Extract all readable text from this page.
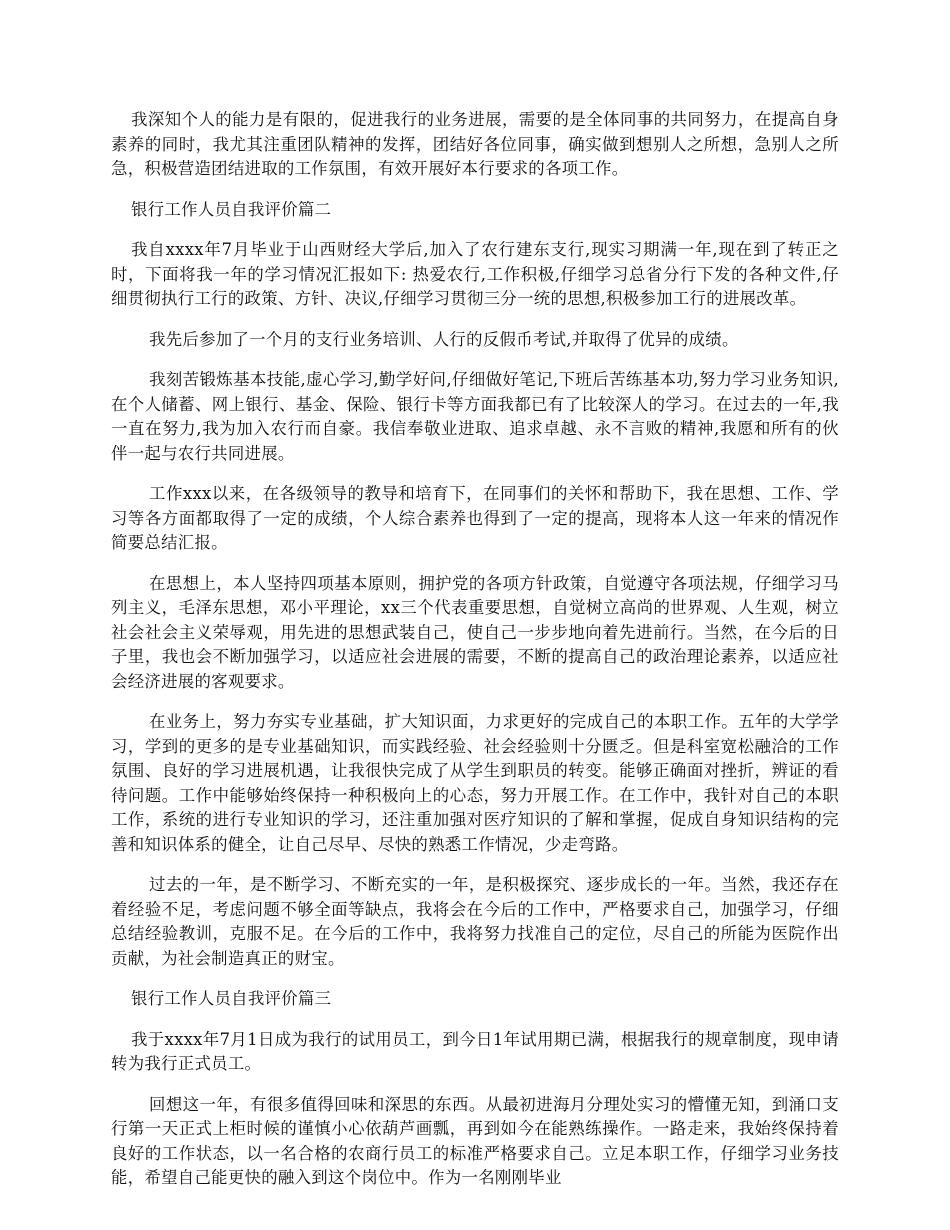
我深知个人的能力是有限的，促进我行的业务进展，需要的是全体同事的共同努力，在提高自身素养的同时，我尤其注重团队精神的发挥，团结好各位同事，确实做到想别人之所想，急别人之所急，积极营造团结进取的工作氛围，有效开展好本行要求的各项工作。

银行工作人员自我评价篇二

我自xxxx年7月毕业于山西财经大学后,加入了农行建东支行,现实习期满一年,现在到了转正之时，下面将我一年的学习情况汇报如下: 热爱农行,工作积极,仔细学习总省分行下发的各种文件,仔细贯彻执行工行的政策、方针、决议,仔细学习贯彻三分一统的思想,积极参加工行的进展改革。

我先后参加了一个月的支行业务培训、人行的反假币考试,并取得了优异的成绩。

我刻苦锻炼基本技能,虚心学习,勤学好问,仔细做好笔记,下班后苦练基本功,努力学习业务知识,在个人储蓄、网上银行、基金、保险、银行卡等方面我都已有了比较深人的学习。在过去的一年,我一直在努力,我为加入农行而自豪。我信奉敬业进取、追求卓越、永不言败的精神,我愿和所有的伙伴一起与农行共同进展。

工作xxx以来，在各级领导的教导和培育下，在同事们的关怀和帮助下，我在思想、工作、学习等各方面都取得了一定的成绩，个人综合素养也得到了一定的提高，现将本人这一年来的情况作简要总结汇报。

在思想上，本人坚持四项基本原则，拥护党的各项方针政策，自觉遵守各项法规，仔细学习马列主义，毛泽东思想，邓小平理论，xx三个代表重要思想，自觉树立高尚的世界观、人生观，树立社会社会主义荣辱观，用先进的思想武装自己，使自己一步步地向着先进前行。当然，在今后的日子里，我也会不断加强学习，以适应社会进展的需要，不断的提高自己的政治理论素养，以适应社会经济进展的客观要求。

在业务上，努力夯实专业基础，扩大知识面，力求更好的完成自己的本职工作。五年的大学学习，学到的更多的是专业基础知识，而实践经验、社会经验则十分匮乏。但是科室宽松融洽的工作氛围、良好的学习进展机遇，让我很快完成了从学生到职员的转变。能够正确面对挫折，辨证的看待问题。工作中能够始终保持一种积极向上的心态，努力开展工作。在工作中，我针对自己的本职工作，系统的进行专业知识的学习，还注重加强对医疗知识的了解和掌握，促成自身知识结构的完善和知识体系的健全，让自己尽早、尽快的熟悉工作情况，少走弯路。

过去的一年，是不断学习、不断充实的一年，是积极探究、逐步成长的一年。当然，我还存在着经验不足，考虑问题不够全面等缺点，我将会在今后的工作中，严格要求自己，加强学习，仔细总结经验教训，克服不足。在今后的工作中，我将努力找准自己的定位，尽自己的所能为医院作出贡献，为社会制造真正的财宝。

银行工作人员自我评价篇三

我于xxxx年7月1日成为我行的试用员工，到今日1年试用期已满，根据我行的规章制度，现申请转为我行正式员工。

回想这一年，有很多值得回味和深思的东西。从最初进海月分理处实习的懵懂无知，到涌口支行第一天正式上柜时候的谨慎小心依葫芦画瓢，再到如今在能熟练操作。一路走来，我始终保持着良好的工作状态，以一名合格的农商行员工的标准严格要求自己。立足本职工作，仔细学习业务技能，希望自己能更快的融入到这个岗位中。作为一名刚刚毕业
